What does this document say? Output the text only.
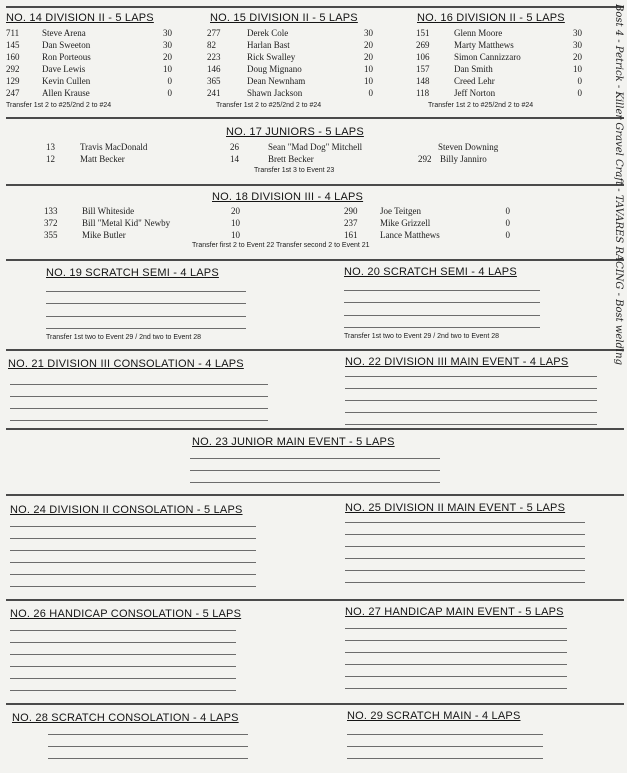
NO. 14 DIVISION II - 5 LAPS
711	Steve Arena	30
145	Dan Sweeton	30
160	Ron Porteous	20
292	Dave Lewis	10
129	Kevin Cullen	0
247	Allen Krause	0
Transfer 1st 2 to #25/2nd 2 to #24
NO. 15 DIVISION II - 5 LAPS
277	Derek Cole	30
82	Harlan Bast	20
223	Rick Swalley	20
146	Doug Mignano	10
365	Dean Newnham	10
241	Shawn Jackson	0
Transfer 1st 2 to #25/2nd 2 to #24
NO. 16 DIVISION II - 5 LAPS
151	Glenn Moore	30
269	Marty Matthews	30
106	Simon Cannizzaro	20
157	Dan Smith	10
148	Creed Lehr	0
118	Jeff Norton	0
Transfer 1st 2 to #25/2nd 2 to #24
NO. 17 JUNIORS - 5 LAPS
13	Travis MacDonald	26	Sean "Mad Dog" Mitchell	Steven Downing
12	Matt Becker	14	Brett Becker	292 Billy Janniro
Transfer 1st 3 to Event 23
NO. 18 DIVISION III - 4 LAPS
133	Bill Whiteside	20	290	Joe Teitgen	0
372	Bill "Metal Kid" Newby	10	237	Mike Grizzell	0
355	Mike Butler	10	161	Lance Matthews	0
Transfer first 2 to Event 22 Transfer second 2 to Event 21
NO. 19 SCRATCH SEMI - 4 LAPS
Transfer 1st two to Event 29 / 2nd two to Event 28
NO. 20 SCRATCH SEMI - 4 LAPS
Transfer 1st two to Event 29 / 2nd two to Event 28
NO. 21 DIVISION III CONSOLATION - 4 LAPS	NO. 22 DIVISION III MAIN EVENT - 4 LAPS
NO. 23 JUNIOR MAIN EVENT - 5 LAPS
NO. 24 DIVISION II CONSOLATION - 5 LAPS	NO. 25 DIVISION II MAIN EVENT - 5 LAPS
NO. 26 HANDICAP CONSOLATION - 5 LAPS	NO. 27 HANDICAP MAIN EVENT - 5 LAPS
NO. 28 SCRATCH CONSOLATION - 4 LAPS	NO. 29 SCRATCH MAIN - 4 LAPS
Bost 4 - Petrick - Killer Gravel Craft - TAVARES RACING - Bost welding
